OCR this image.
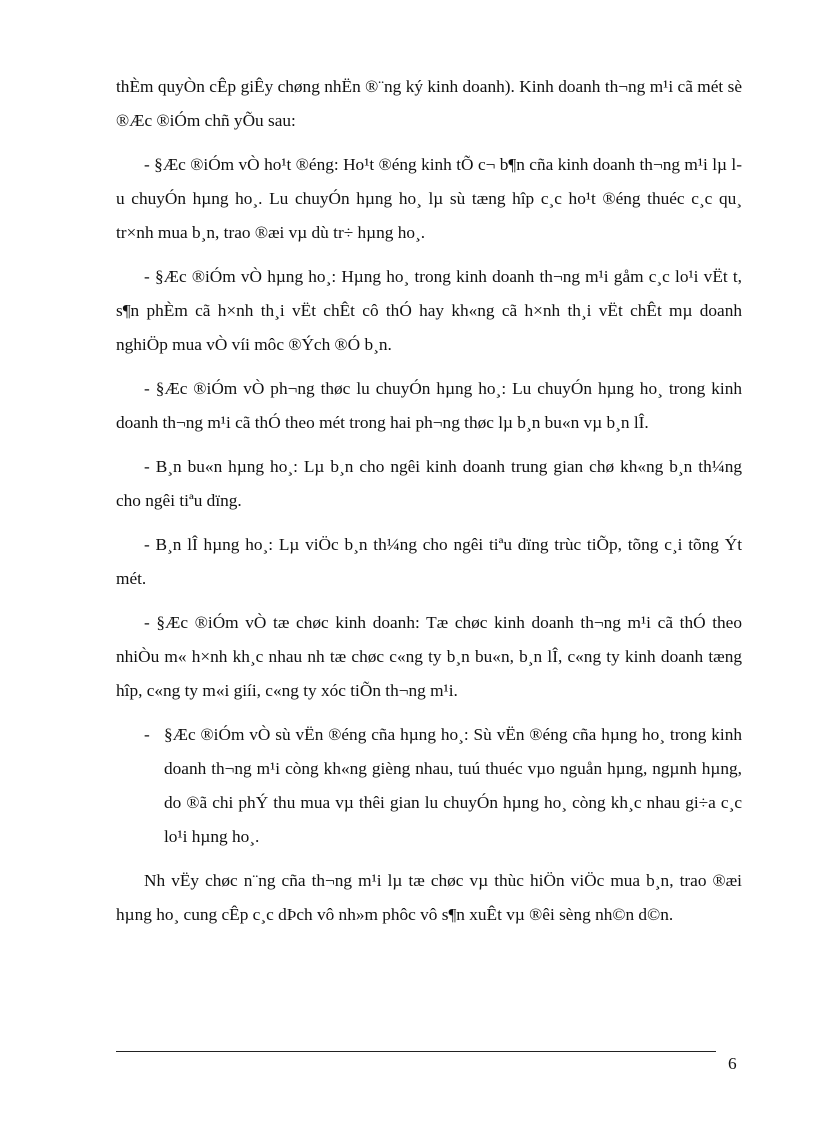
thÈm quyÒn cÊp giÊy chøng nhËn ®¨ng ký kinh doanh). Kinh doanh th¬ng m¹i cã mét sè ®Æc ®iÓm chñ yÕu sau:

- §Æc ®iÓm vÒ ho¹t ®éng: Ho¹t ®éng kinh tÕ c¬ b¶n cña kinh doanh th¬ng m¹i lµ lu chuyÓn hµng ho¸. Lu chuyÓn hµng ho¸ lµ sù tæng hîp c¸c ho¹t ®éng thuéc c¸c qu¸ tr×nh mua b¸n, trao ®æi vµ dù tr÷ hµng ho¸.

- §Æc ®iÓm vÒ hµng ho¸: Hµng ho¸ trong kinh doanh th¬ng m¹i gåm c¸c lo¹i vËt t, s¶n phÈm cã h×nh th¸i vËt chÊt cô thÓ hay kh«ng cã h×nh th¸i vËt chÊt mµ doanh nghiÖp mua vÒ víi môc ®Ých ®Ó b¸n.

- §Æc ®iÓm vÒ ph¬ng thøc lu chuyÓn hµng ho¸: Lu chuyÓn hµng ho¸ trong kinh doanh th¬ng m¹i cã thÓ theo mét trong hai ph¬ng thøc lµ b¸n bu«n vµ b¸n lÎ.

- B¸n bu«n hµng ho¸: Lµ b¸n cho ngêi kinh doanh trung gian chø kh«ng b¸n th¼ng cho ngêi tiªu dïng.

- B¸n lÎ hµng ho¸: Lµ viÖc b¸n th¼ng cho ngêi tiªu dïng trùc tiÕp, tõng c¸i tõng Ýt mét.

- §Æc ®iÓm vÒ tæ chøc kinh doanh: Tæ chøc kinh doanh th¬ng m¹i cã thÓ theo nhiÒu m« h×nh kh¸c nhau nh tæ chøc c«ng ty b¸n bu«n, b¸n lÎ, c«ng ty kinh doanh tæng hîp, c«ng ty m«i giíi, c«ng ty xóc tiÕn th¬ng m¹i.

- §Æc ®iÓm vÒ sù vËn ®éng cña hµng ho¸: Sù vËn ®éng cña hµng ho¸ trong kinh doanh th¬ng m¹i còng kh«ng gièng nhau, tuú thuéc vµo nguån hµng, ngµnh hµng, do ®ã chi phÝ thu mua vµ thêi gian lu chuyÓn hµng ho¸ còng kh¸c nhau gi÷a c¸c lo¹i hµng ho¸.

Nh vËy chøc n¨ng cña th¬ng m¹i lµ tæ chøc vµ thùc hiÖn viÖc mua b¸n, trao ®æi hµng ho¸ cung cÊp c¸c dÞch vô nh»m phôc vô s¶n xuÊt vµ ®êi sèng nh©n d©n.

6
